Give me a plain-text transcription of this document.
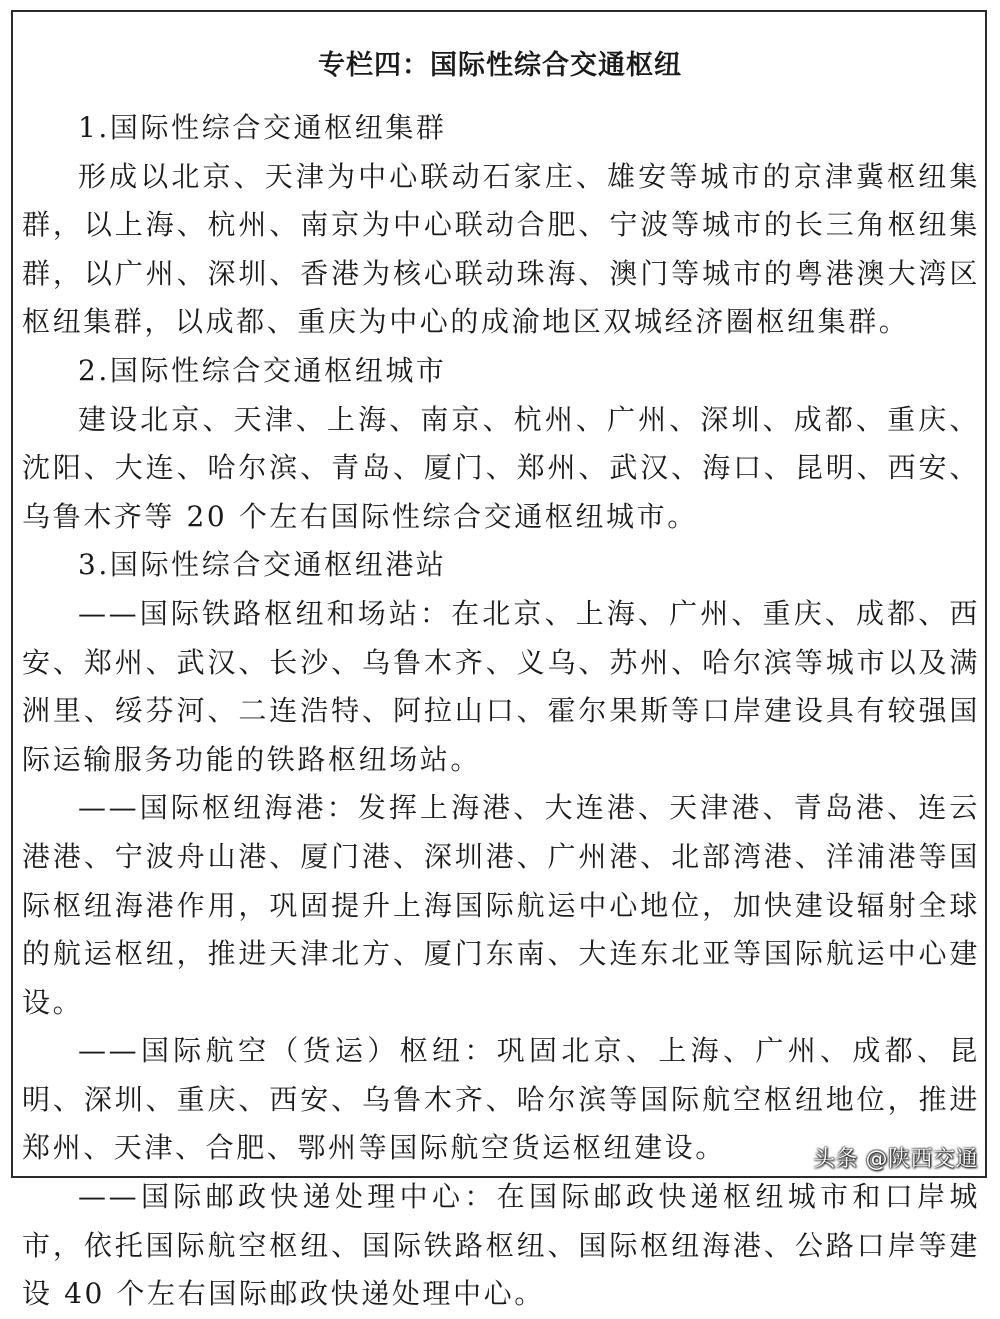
专栏四：国际性综合交通枢纽

1.国际性综合交通枢纽集群

形成以北京、天津为中心联动石家庄、雄安等城市的京津冀枢纽集群，以上海、杭州、南京为中心联动合肥、宁波等城市的长三角枢纽集群，以广州、深圳、香港为核心联动珠海、澳门等城市的粤港澳大湾区枢纽集群，以成都、重庆为中心的成渝地区双城经济圈枢纽集群。

2.国际性综合交通枢纽城市

建设北京、天津、上海、南京、杭州、广州、深圳、成都、重庆、沈阳、大连、哈尔滨、青岛、厦门、郑州、武汉、海口、昆明、西安、乌鲁木齐等 20 个左右国际性综合交通枢纽城市。

3.国际性综合交通枢纽港站

——国际铁路枢纽和场站：在北京、上海、广州、重庆、成都、西安、郑州、武汉、长沙、乌鲁木齐、义乌、苏州、哈尔滨等城市以及满洲里、绥芬河、二连浩特、阿拉山口、霍尔果斯等口岸建设具有较强国际运输服务功能的铁路枢纽场站。

——国际枢纽海港：发挥上海港、大连港、天津港、青岛港、连云港港、宁波舟山港、厦门港、深圳港、广州港、北部湾港、洋浦港等国际枢纽海港作用，巩固提升上海国际航运中心地位，加快建设辐射全球的航运枢纽，推进天津北方、厦门东南、大连东北亚等国际航运中心建设。

——国际航空（货运）枢纽：巩固北京、上海、广州、成都、昆明、深圳、重庆、西安、乌鲁木齐、哈尔滨等国际航空枢纽地位，推进郑州、天津、合肥、鄂州等国际航空货运枢纽建设。

——国际邮政快递处理中心：在国际邮政快递枢纽城市和口岸城市，依托国际航空枢纽、国际铁路枢纽、国际枢纽海港、公路口岸等建设 40 个左右国际邮政快递处理中心。

头条 @陕西交通
